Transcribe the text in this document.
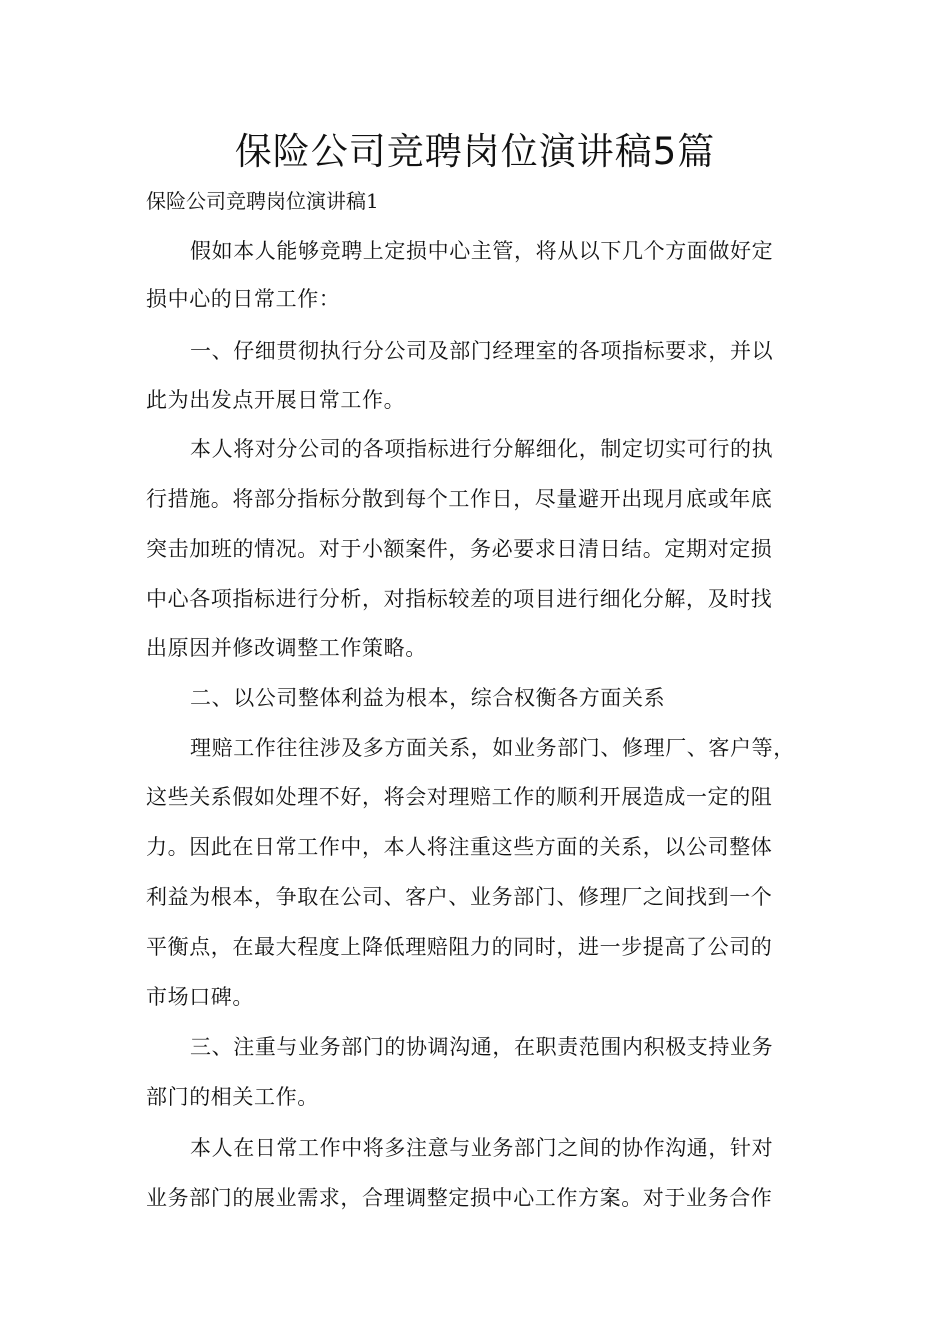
保险公司竞聘岗位演讲稿5篇

保险公司竞聘岗位演讲稿1

假如本人能够竞聘上定损中心主管，将从以下几个方面做好定

损中心的日常工作：

一、仔细贯彻执行分公司及部门经理室的各项指标要求，并以

此为出发点开展日常工作。

本人将对分公司的各项指标进行分解细化，制定切实可行的执

行措施。将部分指标分散到每个工作日，尽量避开出现月底或年底

突击加班的情况。对于小额案件，务必要求日清日结。定期对定损

中心各项指标进行分析，对指标较差的项目进行细化分解，及时找

出原因并修改调整工作策略。

二、以公司整体利益为根本，综合权衡各方面关系

理赔工作往往涉及多方面关系，如业务部门、修理厂、客户等，

这些关系假如处理不好，将会对理赔工作的顺利开展造成一定的阻

力。因此在日常工作中，本人将注重这些方面的关系，以公司整体

利益为根本，争取在公司、客户、业务部门、修理厂之间找到一个

平衡点，在最大程度上降低理赔阻力的同时，进一步提高了公司的

市场口碑。

三、注重与业务部门的协调沟通，在职责范围内积极支持业务

部门的相关工作。

本人在日常工作中将多注意与业务部门之间的协作沟通，针对

业务部门的展业需求，合理调整定损中心工作方案。对于业务合作
